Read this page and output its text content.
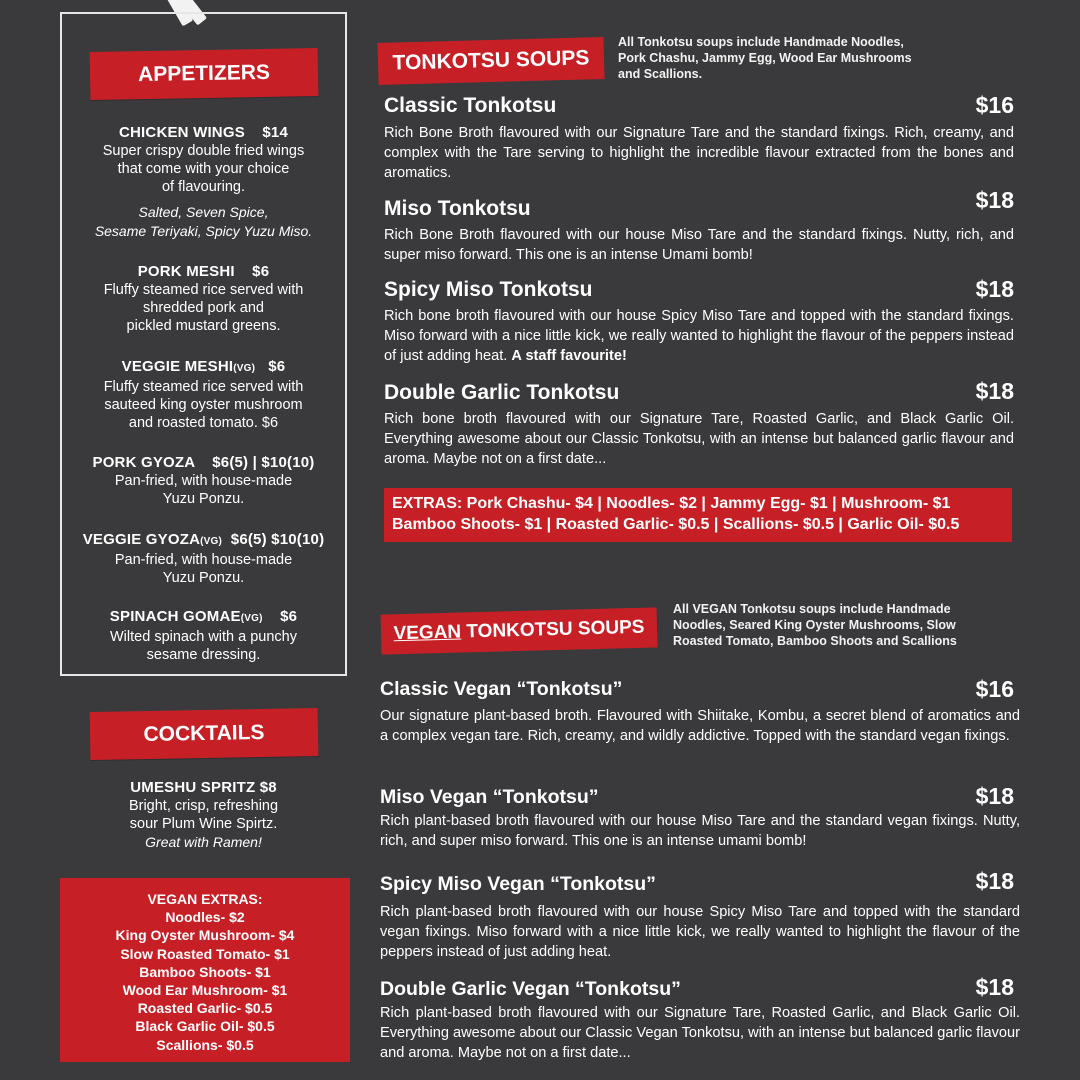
APPETIZERS
CHICKEN WINGS    $14
Super crispy double fried wings
that come with your choice
of flavouring.
Salted, Seven Spice,
Sesame Teriyaki, Spicy Yuzu Miso.
PORK MESHI    $6
Fluffy steamed rice served with
shredded pork and
pickled mustard greens.
VEGGIE MESHI(VG)   $6
Fluffy steamed rice served with
sauteed king oyster mushroom
and roasted tomato. $6
PORK GYOZA    $6(5) | $10(10)
Pan-fried, with house-made
Yuzu Ponzu.
VEGGIE GYOZA(VG)  $6(5) $10(10)
Pan-fried, with house-made
Yuzu Ponzu.
SPINACH GOMAE(VG)    $6
Wilted spinach with a punchy
sesame dressing.
COCKTAILS
UMESHU SPRITZ $8
Bright, crisp, refreshing
sour Plum Wine Spirtz.
Great with Ramen!
VEGAN EXTRAS:
Noodles- $2
King Oyster Mushroom- $4
Slow Roasted Tomato- $1
Bamboo Shoots- $1
Wood Ear Mushroom- $1
Roasted Garlic- $0.5
Black Garlic Oil- $0.5
Scallions- $0.5
TONKOTSU SOUPS
All Tonkotsu soups include Handmade Noodles,
Pork Chashu, Jammy Egg, Wood Ear Mushrooms
and Scallions.
Classic Tonkotsu	$16
Rich Bone Broth flavoured with our Signature Tare and the standard fixings. Rich, creamy, and complex with the Tare serving to highlight the incredible flavour extracted from the bones and aromatics.
Miso Tonkotsu	$18
Rich Bone Broth flavoured with our house Miso Tare and the standard fixings. Nutty, rich, and super miso forward. This one is an intense Umami bomb!
Spicy Miso Tonkotsu	$18
Rich bone broth flavoured with our house Spicy Miso Tare and topped with the standard fixings. Miso forward with a nice little kick, we really wanted to highlight the flavour of the peppers instead of just adding heat. A staff favourite!
Double Garlic Tonkotsu	$18
Rich bone broth flavoured with our Signature Tare, Roasted Garlic, and Black Garlic Oil. Everything awesome about our Classic Tonkotsu, with an intense but balanced garlic flavour and aroma. Maybe not on a first date...
EXTRAS: Pork Chashu- $4 | Noodles- $2 | Jammy Egg- $1 | Mushroom- $1
Bamboo Shoots- $1 | Roasted Garlic- $0.5 | Scallions- $0.5 | Garlic Oil- $0.5
VEGAN TONKOTSU SOUPS
All VEGAN Tonkotsu soups include Handmade
Noodles, Seared King Oyster Mushrooms, Slow
Roasted Tomato, Bamboo Shoots and Scallions
Classic Vegan “Tonkotsu”	$16
Our signature plant-based broth. Flavoured with Shiitake, Kombu, a secret blend of aromatics and a complex vegan tare. Rich, creamy, and wildly addictive. Topped with the standard vegan fixings.
Miso Vegan “Tonkotsu”	$18
Rich plant-based broth flavoured with our house Miso Tare and the standard vegan fixings. Nutty, rich, and super miso forward. This one is an intense umami bomb!
Spicy Miso Vegan “Tonkotsu”	$18
Rich plant-based broth flavoured with our house Spicy Miso Tare and topped with the standard vegan fixings. Miso forward with a nice little kick, we really wanted to highlight the flavour of the peppers instead of just adding heat.
Double Garlic Vegan “Tonkotsu”	$18
Rich plant-based broth flavoured with our Signature Tare, Roasted Garlic, and Black Garlic Oil. Everything awesome about our Classic Vegan Tonkotsu, with an intense but balanced garlic flavour and aroma. Maybe not on a first date...
